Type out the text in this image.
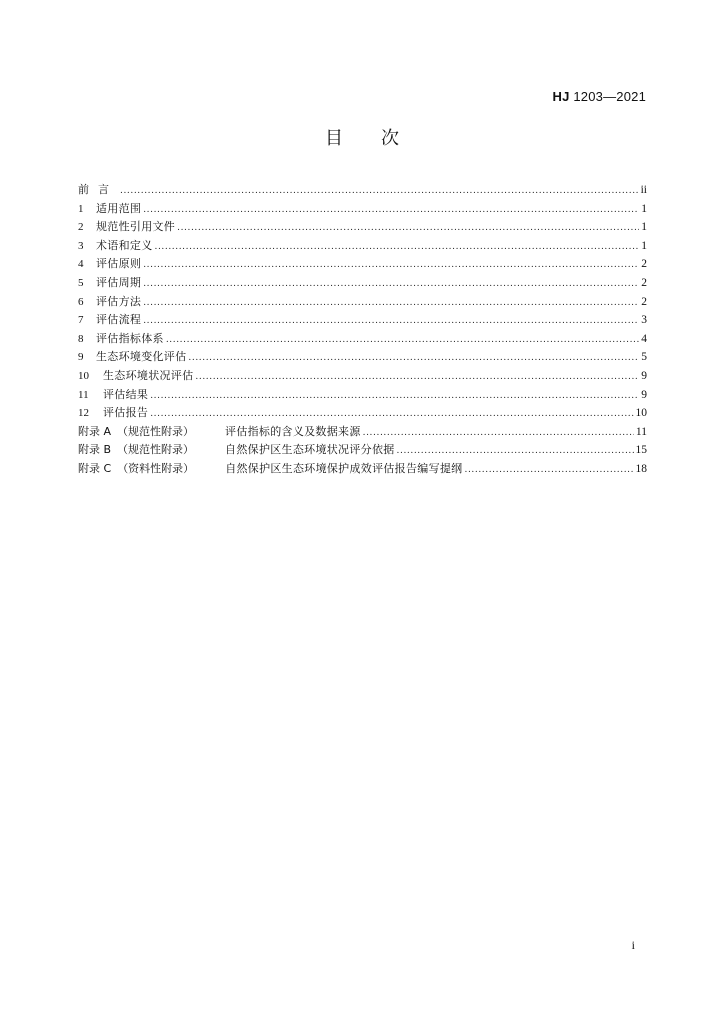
HJ 1203—2021
目 次
前言 .....	ii
1	适用范围 .....	1
2	规范性引用文件 .....	1
3	术语和定义 .....	1
4	评估原则 .....	2
5	评估周期 .....	2
6	评估方法 .....	2
7	评估流程 .....	3
8	评估指标体系 .....	4
9	生态环境变化评估 .....	5
10	生态环境状况评估 .....	9
11	评估结果 .....	9
12	评估报告 .....	10
附录 A （规范性附录）	评估指标的含义及数据来源 .....	11
附录 B （规范性附录）	自然保护区生态环境状况评分依据 .....	15
附录 C （资料性附录）	自然保护区生态环境保护成效评估报告编写提纲 .....	18
i
